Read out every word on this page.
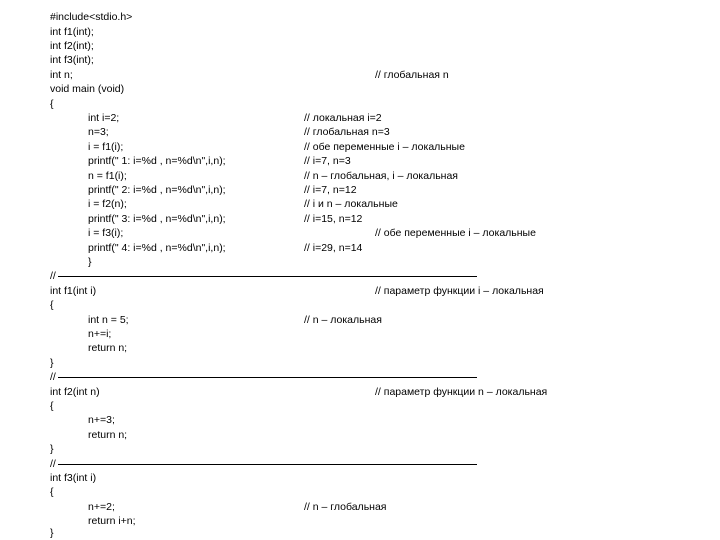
#include<stdio.h>
int f1(int);
int f2(int);
int f3(int);
int n;	// глобальная n
void main (void)
{
int i=2;	// локальная i=2
n=3;	// глобальная n=3
i = f1(i);	// обе переменные i – локальные
printf(" 1: i=%d , n=%d\n",i,n);	// i=7, n=3
n = f1(i);	// n – глобальная, i – локальная
printf(" 2: i=%d , n=%d\n",i,n);	// i=7, n=12
i = f2(n);	// i и n – локальные
printf(" 3: i=%d , n=%d\n",i,n);	// i=15, n=12
i = f3(i);	// обе переменные i – локальные
printf(" 4: i=%d , n=%d\n",i,n);	// i=29, n=14
}
//
int f1(int i)	// параметр функции i – локальная
{
int n = 5;	// n – локальная
n+=i;
return n;
}
//
int f2(int n)	// параметр функции n – локальная
{
n+=3;
return n;
}
//
int f3(int i)
{
n+=2;	// n – глобальная
return i+n;
}
